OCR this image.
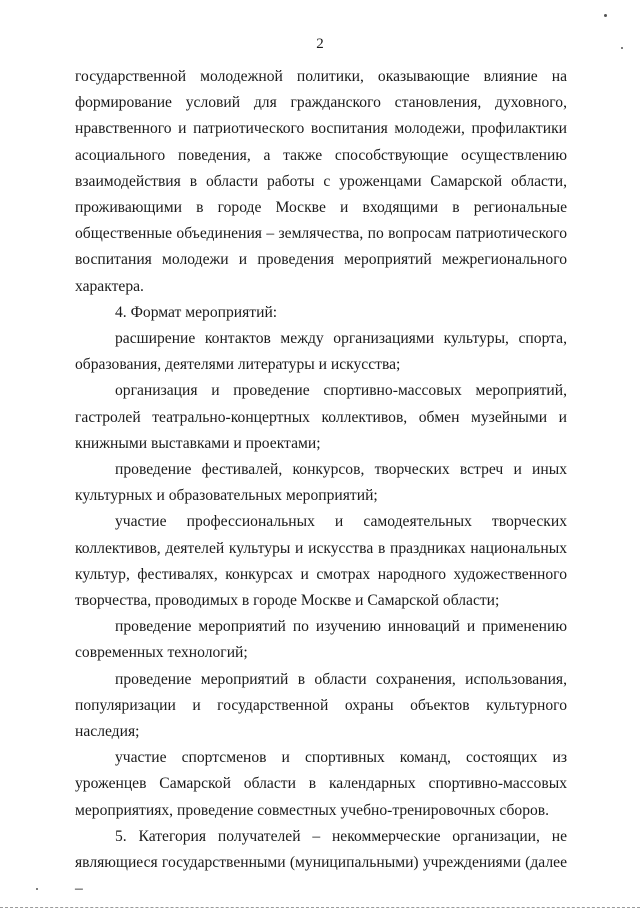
2

государственной молодежной политики, оказывающие влияние на формирование условий для гражданского становления, духовного, нравственного и патриотического воспитания молодежи, профилактики асоциального поведения, а также способствующие осуществлению взаимодействия в области работы с уроженцами Самарской области, проживающими в городе Москве и входящими в региональные общественные объединения – землячества, по вопросам патриотического воспитания молодежи и проведения мероприятий межрегионального характера.

4. Формат мероприятий:

расширение контактов между организациями культуры, спорта, образования, деятелями литературы и искусства;

организация и проведение спортивно-массовых мероприятий, гастролей театрально-концертных коллективов, обмен музейными и книжными выставками и проектами;

проведение фестивалей, конкурсов, творческих встреч и иных культурных и образовательных мероприятий;

участие профессиональных и самодеятельных творческих коллективов, деятелей культуры и искусства в праздниках национальных культур, фестивалях, конкурсах и смотрах народного художественного творчества, проводимых в городе Москве и Самарской области;

проведение мероприятий по изучению инноваций и применению современных технологий;

проведение мероприятий в области сохранения, использования, популяризации и государственной охраны объектов культурного наследия;

участие спортсменов и спортивных команд, состоящих из уроженцев Самарской области в календарных спортивно-массовых мероприятиях, проведение совместных учебно-тренировочных сборов.

5. Категория получателей – некоммерческие организации, не являющиеся государственными (муниципальными) учреждениями (далее –
